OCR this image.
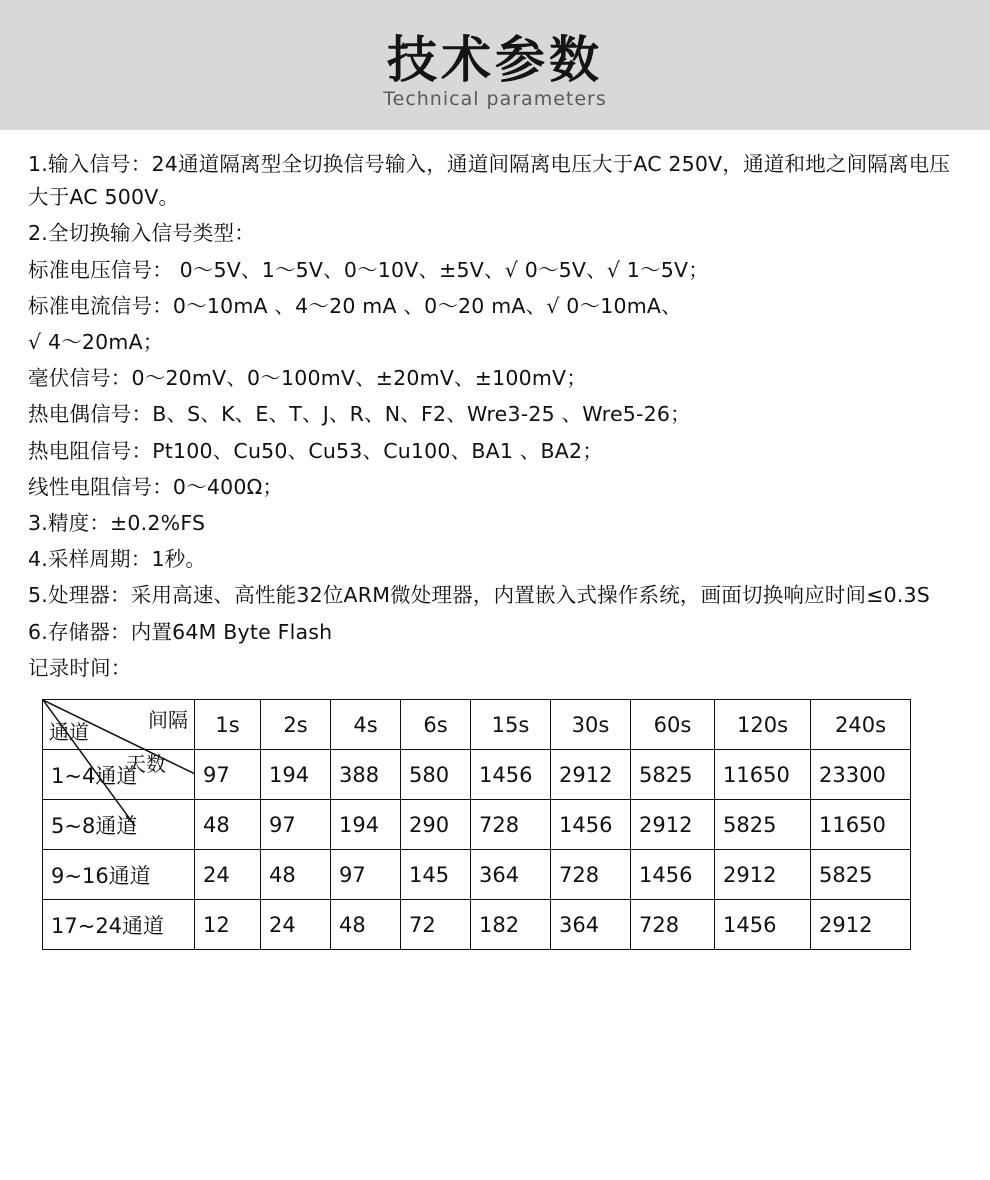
技术参数
Technical parameters

1.输入信号：24通道隔离型全切换信号输入，通道间隔离电压大于AC 250V，通道和地之间隔离电压大于AC 500V。

2.全切换输入信号类型：

标准电压信号： 0～5V、1～5V、0～10V、±5V、√ 0～5V、√ 1～5V；

标准电流信号：0～10mA 、4～20 mA 、0～20 mA、√ 0～10mA、

√ 4～20mA；

毫伏信号：0～20mV、0～100mV、±20mV、±100mV；

热电偶信号：B、S、K、E、T、J、R、N、F2、Wre3-25 、Wre5-26；

热电阻信号：Pt100、Cu50、Cu53、Cu100、BA1 、BA2；

线性电阻信号：0～400Ω；

3.精度：±0.2%FS

4.采样周期：1秒。

5.处理器：采用高速、高性能32位ARM微处理器，内置嵌入式操作系统，画面切换响应时间≤0.3S

6.存储器：内置64M Byte Flash

记录时间：

间隔
天数
通道	1s	2s	4s	6s	15s	30s	60s	120s	240s
1~4通道	97	194	388	580	1456	2912	5825	11650	23300
5~8通道	48	97	194	290	728	1456	2912	5825	11650
9~16通道	24	48	97	145	364	728	1456	2912	5825
17~24通道	12	24	48	72	182	364	728	1456	2912
